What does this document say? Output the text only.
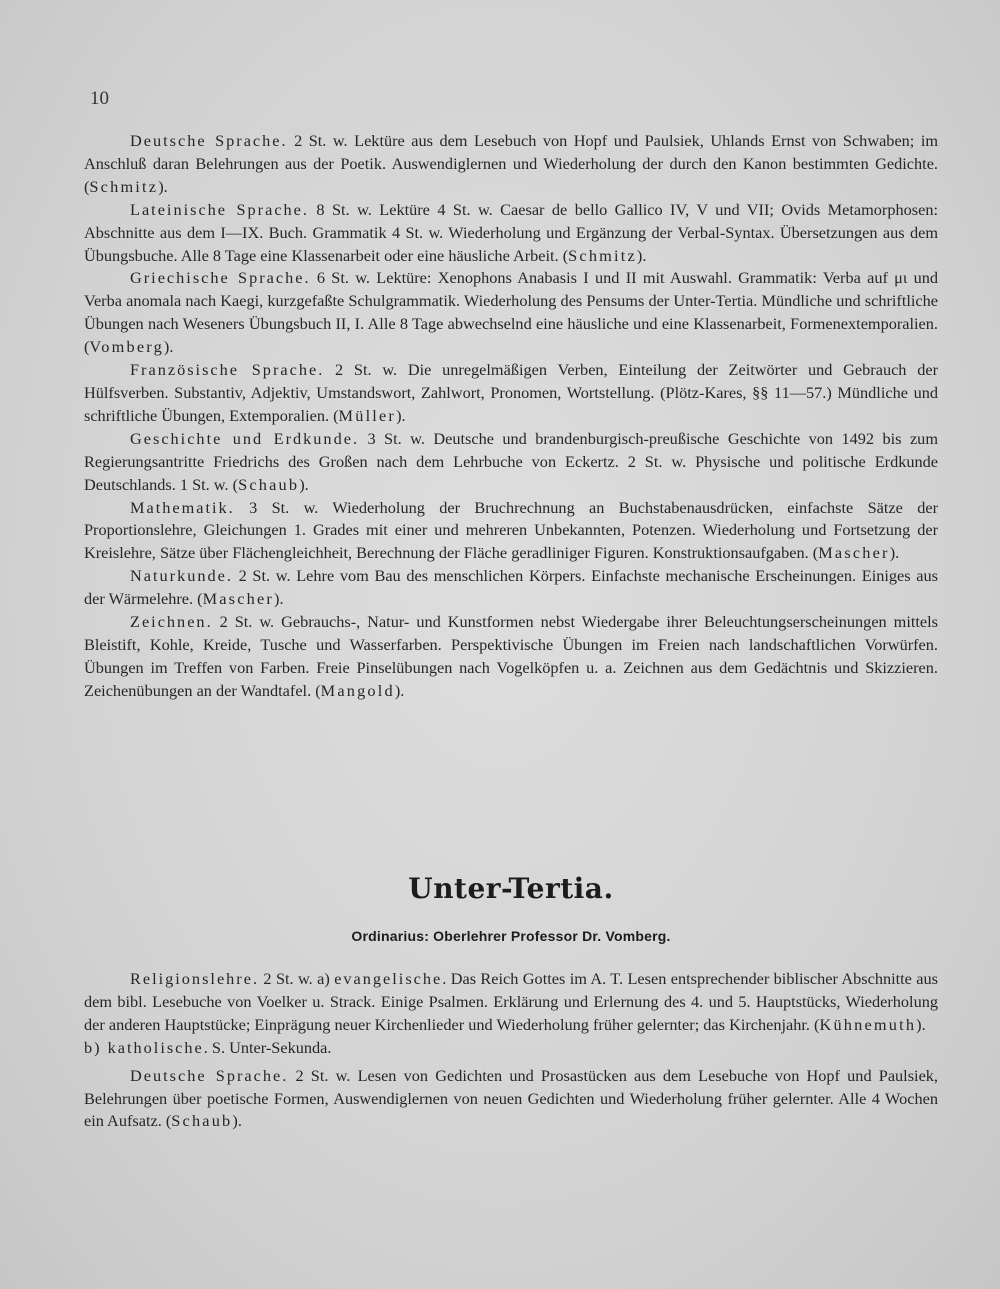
10

Deutsche Sprache. 2 St. w. Lektüre aus dem Lesebuch von Hopf und Paulsiek, Uhlands Ernst von Schwaben; im Anschluß daran Belehrungen aus der Poetik. Auswendiglernen und Wiederholung der durch den Kanon bestimmten Gedichte. (Schmitz).

Lateinische Sprache. 8 St. w. Lektüre 4 St. w. Caesar de bello Gallico IV, V und VII; Ovids Metamorphosen: Abschnitte aus dem I—IX. Buch. Grammatik 4 St. w. Wiederholung und Ergänzung der Verbal-Syntax. Übersetzungen aus dem Übungsbuche. Alle 8 Tage eine Klassenarbeit oder eine häusliche Arbeit. (Schmitz).

Griechische Sprache. 6 St. w. Lektüre: Xenophons Anabasis I und II mit Auswahl. Grammatik: Verba auf μι und Verba anomala nach Kaegi, kurzgefaßte Schulgrammatik. Wiederholung des Pensums der Unter-Tertia. Mündliche und schriftliche Übungen nach Weseners Übungsbuch II, I. Alle 8 Tage abwechselnd eine häusliche und eine Klassenarbeit, Formenextemporalien. (Vomberg).

Französische Sprache. 2 St. w. Die unregelmäßigen Verben, Einteilung der Zeitwörter und Gebrauch der Hülfsverben. Substantiv, Adjektiv, Umstandswort, Zahlwort, Pronomen, Wortstellung. (Plötz-Kares, §§ 11—57.) Mündliche und schriftliche Übungen, Extemporalien. (Müller).

Geschichte und Erdkunde. 3 St. w. Deutsche und brandenburgisch-preußische Geschichte von 1492 bis zum Regierungsantritte Friedrichs des Großen nach dem Lehrbuche von Eckertz. 2 St. w. Physische und politische Erdkunde Deutschlands. 1 St. w. (Schaub).

Mathematik. 3 St. w. Wiederholung der Bruchrechnung an Buchstabenausdrücken, einfachste Sätze der Proportionslehre, Gleichungen 1. Grades mit einer und mehreren Unbekannten, Potenzen. Wiederholung und Fortsetzung der Kreislehre, Sätze über Flächengleichheit, Berechnung der Fläche geradliniger Figuren. Konstruktionsaufgaben. (Mascher).

Naturkunde. 2 St. w. Lehre vom Bau des menschlichen Körpers. Einfachste mechanische Erscheinungen. Einiges aus der Wärmelehre. (Mascher).

Zeichnen. 2 St. w. Gebrauchs-, Natur- und Kunstformen nebst Wiedergabe ihrer Beleuchtungserscheinungen mittels Bleistift, Kohle, Kreide, Tusche und Wasserfarben. Perspektivische Übungen im Freien nach landschaftlichen Vorwürfen. Übungen im Treffen von Farben. Freie Pinselübungen nach Vogelköpfen u. a. Zeichnen aus dem Gedächtnis und Skizzieren. Zeichenübungen an der Wandtafel. (Mangold).

Unter-Tertia.
Ordinarius: Oberlehrer Professor Dr. Vomberg.

Religionslehre. 2 St. w. a) evangelische. Das Reich Gottes im A. T. Lesen entsprechender biblischer Abschnitte aus dem bibl. Lesebuche von Voelker u. Strack. Einige Psalmen. Erklärung und Erlernung des 4. und 5. Hauptstücks, Wiederholung der anderen Hauptstücke; Einprägung neuer Kirchenlieder und Wiederholung früher gelernter; das Kirchenjahr. (Kühnemuth).
b) katholische. S. Unter-Sekunda.

Deutsche Sprache. 2 St. w. Lesen von Gedichten und Prosastücken aus dem Lesebuche von Hopf und Paulsiek, Belehrungen über poetische Formen, Auswendiglernen von neuen Gedichten und Wiederholung früher gelernter. Alle 4 Wochen ein Aufsatz. (Schaub).
